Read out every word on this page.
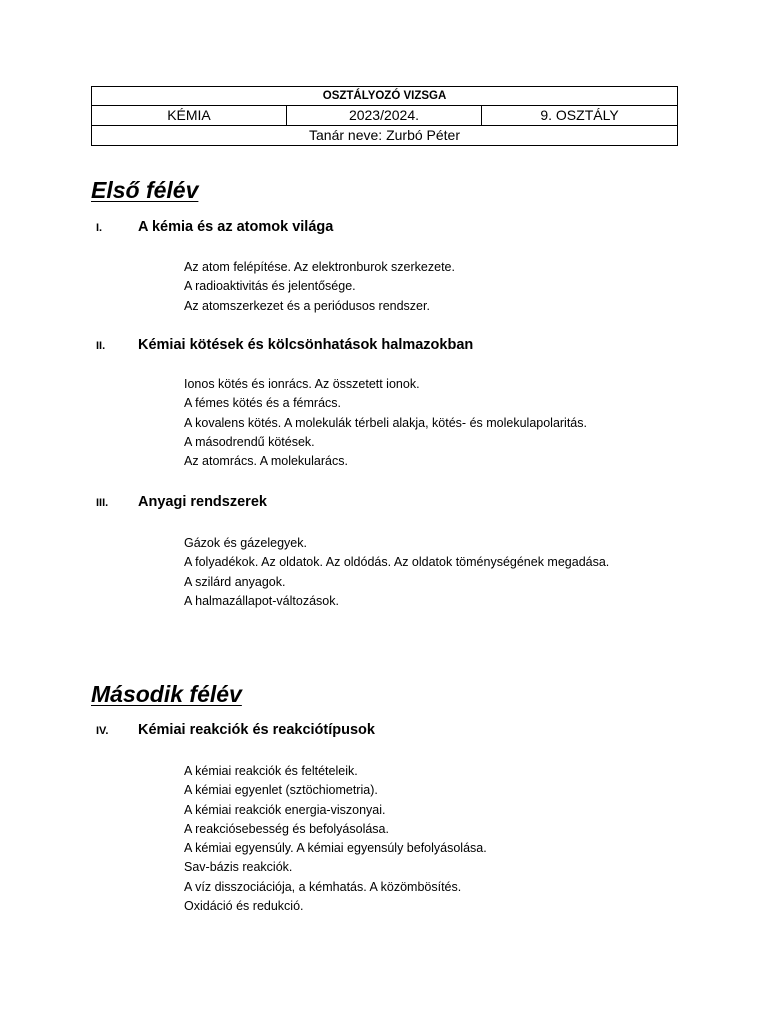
OSZTÁLYOZÓ VIZSGA
KÉMIA	2023/2024.	9. OSZTÁLY
Tanár neve: Zurbó Péter
Első félév
I.	A kémia és az atomok világa
Az atom felépítése. Az elektronburok szerkezete.
A radioaktivitás és jelentősége.
Az atomszerkezet és a periódusos rendszer.
II.	Kémiai kötések és kölcsönhatások halmazokban
Ionos kötés és ionrács. Az összetett ionok.
A fémes kötés és a fémrács.
A kovalens kötés. A molekulák térbeli alakja, kötés- és molekulapolaritás.
A másodrendű kötések.
Az atomrács. A molekularács.
III.	Anyagi rendszerek
Gázok és gázelegyek.
A folyadékok. Az oldatok. Az oldódás. Az oldatok töménységének megadása.
A szilárd anyagok.
A halmazállapot-változások.
Második félév
IV.	Kémiai reakciók és reakciótípusok
A kémiai reakciók és feltételeik.
A kémiai egyenlet (sztöchiometria).
A kémiai reakciók energia-viszonyai.
A reakciósebesség és befolyásolása.
A kémiai egyensúly. A kémiai egyensúly befolyásolása.
Sav-bázis reakciók.
A víz disszociációja, a kémhatás. A közömbösítés.
Oxidáció és redukció.
